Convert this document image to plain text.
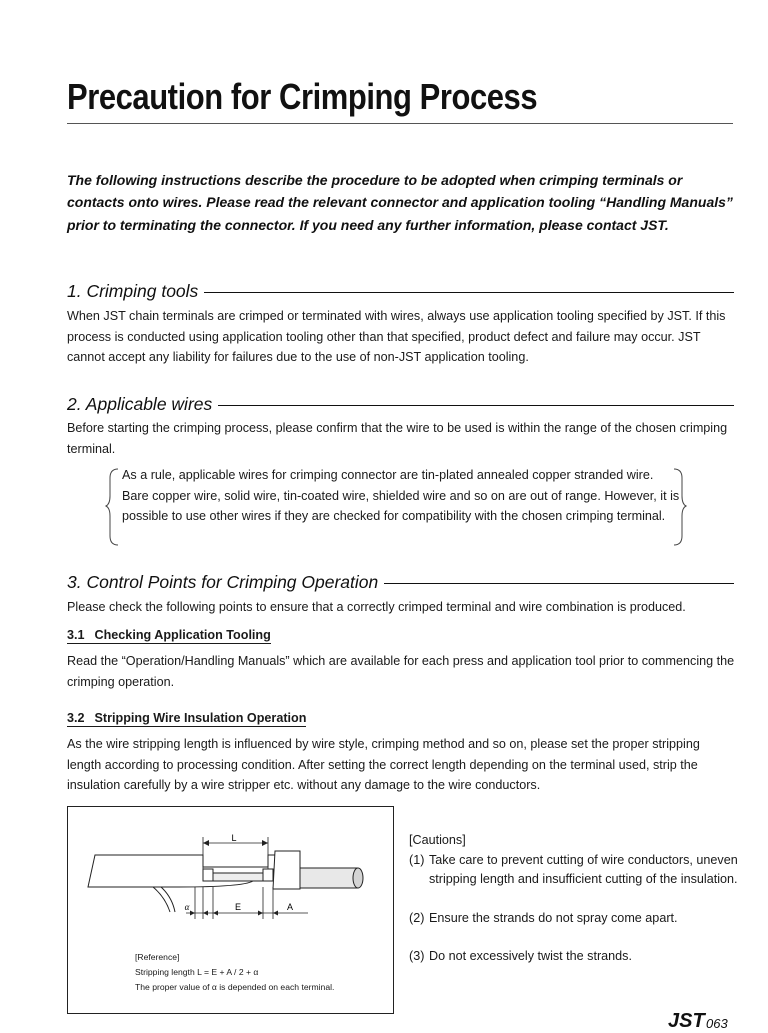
Precaution for Crimping Process
The following instructions describe the procedure to be adopted when crimping terminals or contacts onto wires. Please read the relevant connector and application tooling “Handling Manuals” prior to terminating the connector. If you need any further information, please contact JST.
1. Crimping tools
When JST chain terminals are crimped or terminated with wires, always use application tooling specified by JST. If this process is conducted using application tooling other than that specified, product defect and failure may occur. JST cannot accept any liability for failures due to the use of non-JST application tooling.
2. Applicable wires
Before starting the crimping process, please confirm that the wire to be used is within the range of the chosen crimping terminal.
As a rule, applicable wires for crimping connector are tin-plated annealed copper stranded wire. Bare copper wire, solid wire, tin-coated wire, shielded wire and so on are out of range. However, it is possible to use other wires if they are checked for compatibility with the chosen crimping terminal.
3. Control Points for Crimping Operation
Please check the following points to ensure that a correctly crimped terminal and wire combination is produced.
3.1 Checking Application Tooling
Read the “Operation/Handling Manuals” which are available for each press and application tool prior to commencing the crimping operation.
3.2 Stripping Wire Insulation Operation
As the wire stripping length is influenced by wire style, crimping method and so on, please set the proper stripping length according to processing condition. After setting the correct length depending on the terminal used, strip the insulation carefully by a wire stripper etc. without any damage to the wire conductors.
L
α	E	A
[Reference]
Stripping length L = E + A / 2 + α
The proper value of α is depended on each terminal.
[Cautions]
(1) Take care to prevent cutting of wire conductors, uneven stripping length and insufficient cutting of the insulation.
(2) Ensure the strands do not spray come apart.
(3) Do not excessively twist the strands.
JST 063
